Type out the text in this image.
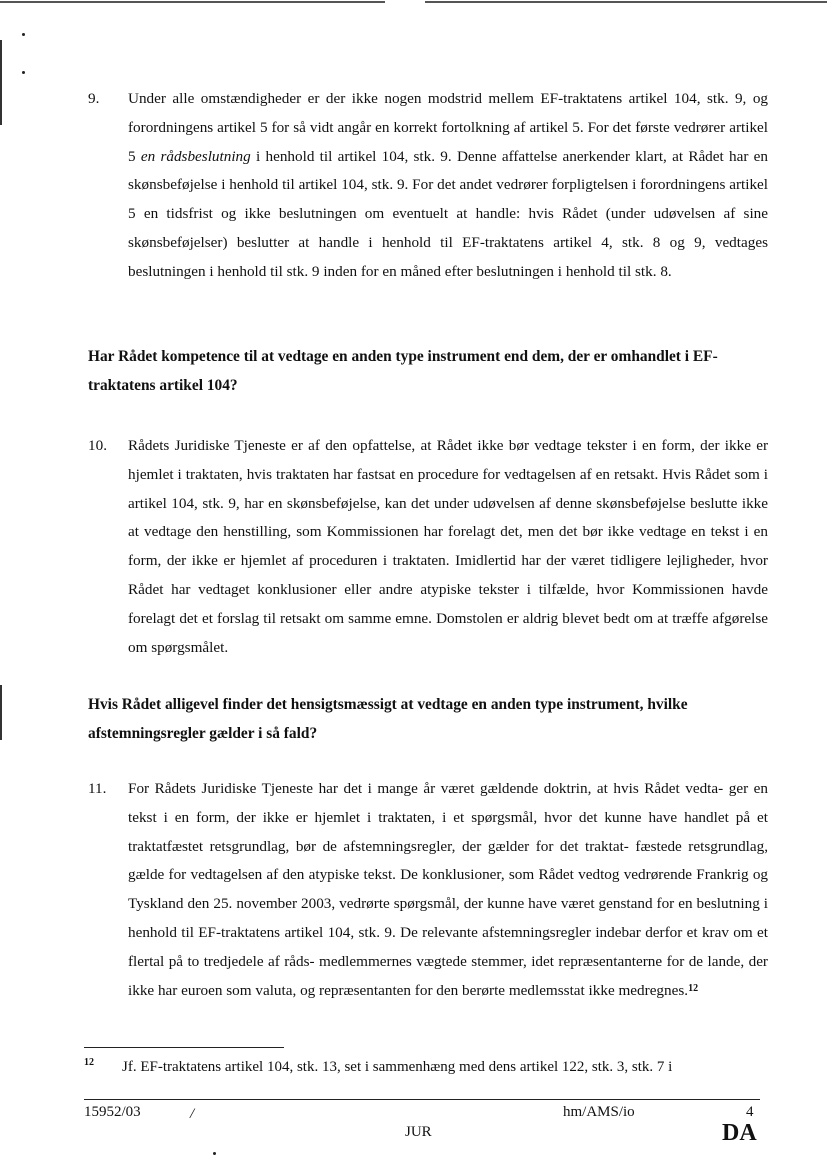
9. Under alle omstændigheder er der ikke nogen modstrid mellem EF-traktatens artikel 104, stk. 9, og forordningens artikel 5 for så vidt angår en korrekt fortolkning af artikel 5. For det første vedrører artikel 5 en rådsbeslutning i henhold til artikel 104, stk. 9. Denne affattelse anerkender klart, at Rådet har en skønsbeføjelse i henhold til artikel 104, stk. 9. For det andet vedrører forpligtelsen i forordningens artikel 5 en tidsfrist og ikke beslutningen om eventuelt at handle: hvis Rådet (under udøvelsen af sine skønsbeføjelser) beslutter at handle i henhold til EF-traktatens artikel 4, stk. 8 og 9, vedtages beslutningen i henhold til stk. 9 inden for en måned efter beslutningen i henhold til stk. 8.
Har Rådet kompetence til at vedtage en anden type instrument end dem, der er omhandlet i EF-traktatens artikel 104?
10. Rådets Juridiske Tjeneste er af den opfattelse, at Rådet ikke bør vedtage tekster i en form, der ikke er hjemlet i traktaten, hvis traktaten har fastsat en procedure for vedtagelsen af en retsakt. Hvis Rådet som i artikel 104, stk. 9, har en skønsbeføjelse, kan det under udøvelsen af denne skønsbeføjelse beslutte ikke at vedtage den henstilling, som Kommissionen har forelagt det, men det bør ikke vedtage en tekst i en form, der ikke er hjemlet af proceduren i traktaten. Imidlertid har der været tidligere lejligheder, hvor Rådet har vedtaget konklusioner eller andre atypiske tekster i tilfælde, hvor Kommissionen havde forelagt det et forslag til retsakt om samme emne. Domstolen er aldrig blevet bedt om at træffe afgørelse om spørgsmålet.
Hvis Rådet alligevel finder det hensigtsmæssigt at vedtage en anden type instrument, hvilke afstemningsregler gælder i så fald?
11. For Rådets Juridiske Tjeneste har det i mange år været gældende doktrin, at hvis Rådet vedta- ger en tekst i en form, der ikke er hjemlet i traktaten, i et spørgsmål, hvor det kunne have handlet på et traktatfæstet retsgrundlag, bør de afstemningsregler, der gælder for det traktat- fæstede retsgrundlag, gælde for vedtagelsen af den atypiske tekst. De konklusioner, som Rådet vedtog vedrørende Frankrig og Tyskland den 25. november 2003, vedrørte spørgsmål, der kunne have været genstand for en beslutning i henhold til EF-traktatens artikel 104, stk. 9. De relevante afstemningsregler indebar derfor et krav om et flertal på to tredjedele af råds- medlemmernes vægtede stemmer, idet repræsentanterne for de lande, der ikke har euroen som valuta, og repræsentanten for den berørte medlemsstat ikke medregnes.$^{12}$
12 Jf. EF-traktatens artikel 104, stk. 13, set i sammenhæng med dens artikel 122, stk. 3, stk. 7 i
15952/03	/	hm/AMS/io	4
JUR	DA
